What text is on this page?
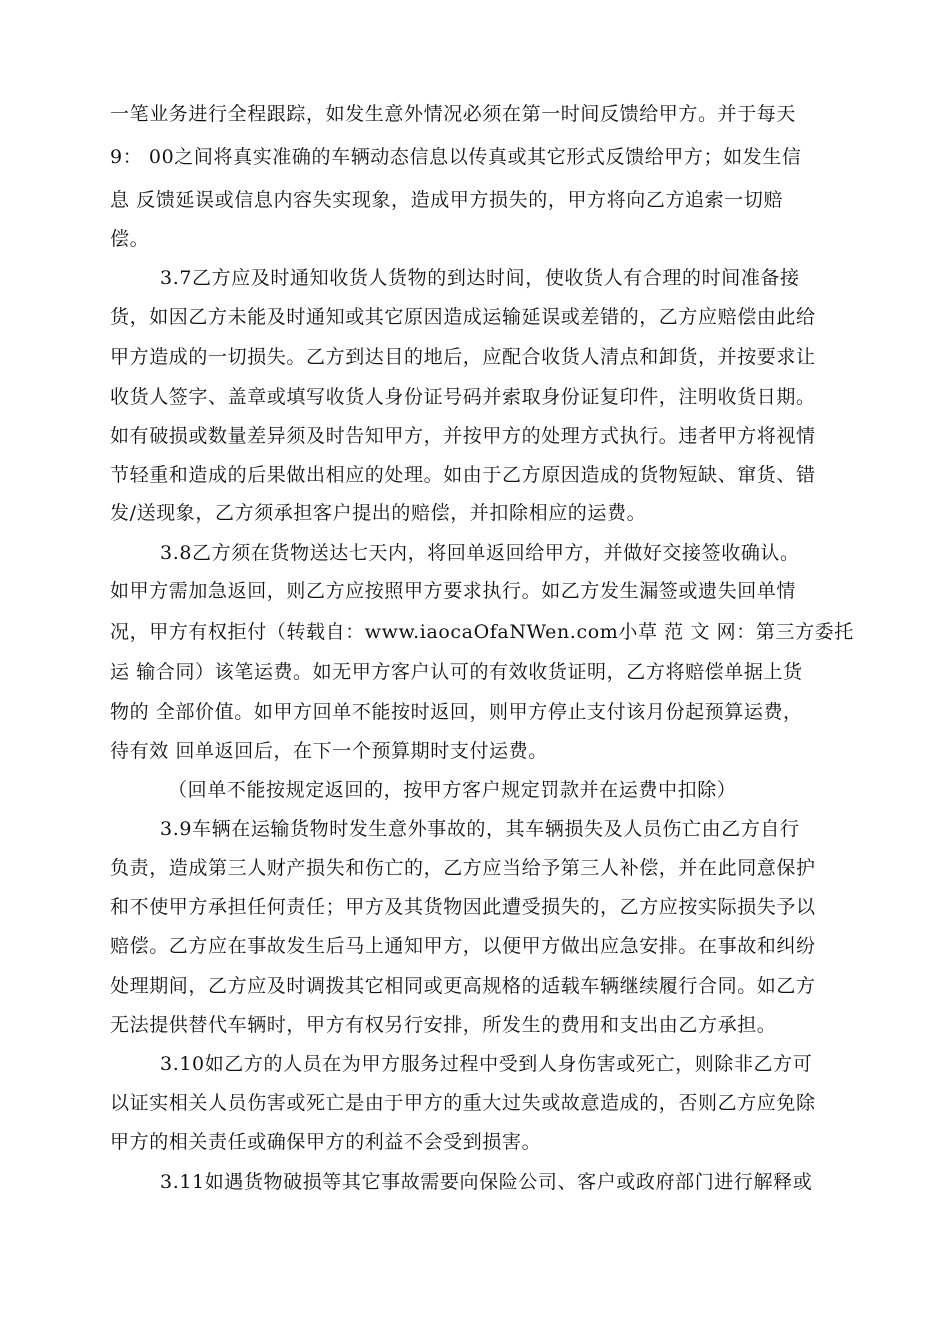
一笔业务进行全程跟踪，如发生意外情况必须在第一时间反馈给甲方。并于每天
9： 00之间将真实准确的车辆动态信息以传真或其它形式反馈给甲方；如发生信
息 反馈延误或信息内容失实现象，造成甲方损失的，甲方将向乙方追索一切赔
偿。
3.7乙方应及时通知收货人货物的到达时间，使收货人有合理的时间准备接
货，如因乙方未能及时通知或其它原因造成运输延误或差错的，乙方应赔偿由此给
甲方造成的一切损失。乙方到达目的地后，应配合收货人清点和卸货，并按要求让
收货人签字、盖章或填写收货人身份证号码并索取身份证复印件，注明收货日期。
如有破损或数量差异须及时告知甲方，并按甲方的处理方式执行。违者甲方将视情
节轻重和造成的后果做出相应的处理。如由于乙方原因造成的货物短缺、窜货、错
发/送现象，乙方须承担客户提出的赔偿，并扣除相应的运费。
3.8乙方须在货物送达七天内，将回单返回给甲方，并做好交接签收确认。
如甲方需加急返回，则乙方应按照甲方要求执行。如乙方发生漏签或遗失回单情
况，甲方有权拒付（转载自：www.iaocaOfaNWen.com小草 范 文 网：第三方委托
运 输合同）该笔运费。如无甲方客户认可的有效收货证明，乙方将赔偿单据上货
物的 全部价值。如甲方回单不能按时返回，则甲方停止支付该月份起预算运费，
待有效 回单返回后，在下一个预算期时支付运费。
（回单不能按规定返回的，按甲方客户规定罚款并在运费中扣除）
3.9车辆在运输货物时发生意外事故的，其车辆损失及人员伤亡由乙方自行
负责，造成第三人财产损失和伤亡的，乙方应当给予第三人补偿，并在此同意保护
和不使甲方承担任何责任；甲方及其货物因此遭受损失的，乙方应按实际损失予以
赔偿。乙方应在事故发生后马上通知甲方，以便甲方做出应急安排。在事故和纠纷
处理期间，乙方应及时调拨其它相同或更高规格的适载车辆继续履行合同。如乙方
无法提供替代车辆时，甲方有权另行安排，所发生的费用和支出由乙方承担。
3.10如乙方的人员在为甲方服务过程中受到人身伤害或死亡，则除非乙方可
以证实相关人员伤害或死亡是由于甲方的重大过失或故意造成的，否则乙方应免除
甲方的相关责任或确保甲方的利益不会受到损害。
3.11如遇货物破损等其它事故需要向保险公司、客户或政府部门进行解释或
